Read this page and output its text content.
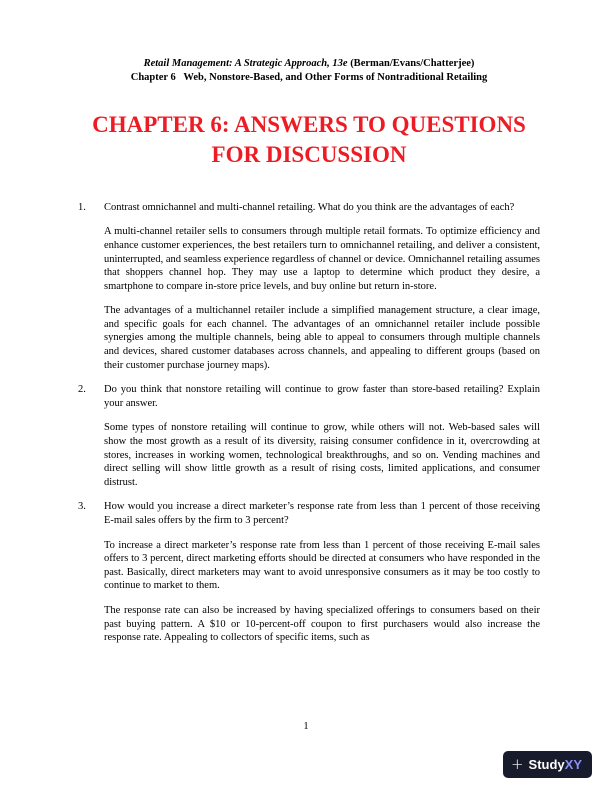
Retail Management: A Strategic Approach, 13e (Berman/Evans/Chatterjee)
Chapter 6   Web, Nonstore-Based, and Other Forms of Nontraditional Retailing
CHAPTER 6: ANSWERS TO QUESTIONS FOR DISCUSSION
1.	Contrast omnichannel and multi-channel retailing. What do you think are the advantages of each?
A multi-channel retailer sells to consumers through multiple retail formats. To optimize efficiency and enhance customer experiences, the best retailers turn to omnichannel retailing, and deliver a consistent, uninterrupted, and seamless experience regardless of channel or device. Omnichannel retailing assumes that shoppers channel hop. They may use a laptop to determine which product they desire, a smartphone to compare in-store price levels, and buy online but return in-store.
The advantages of a multichannel retailer include a simplified management structure, a clear image, and specific goals for each channel. The advantages of an omnichannel retailer include possible synergies among the multiple channels, being able to appeal to consumers through multiple channels and devices, shared customer databases across channels, and appealing to different groups (based on their customer purchase journey maps).
2.	Do you think that nonstore retailing will continue to grow faster than store-based retailing? Explain your answer.
Some types of nonstore retailing will continue to grow, while others will not. Web-based sales will show the most growth as a result of its diversity, raising consumer confidence in it, overcrowding at stores, increases in working women, technological breakthroughs, and so on. Vending machines and direct selling will show little growth as a result of rising costs, limited applications, and consumer distrust.
3.	How would you increase a direct marketer’s response rate from less than 1 percent of those receiving E-mail sales offers by the firm to 3 percent?
To increase a direct marketer’s response rate from less than 1 percent of those receiving E-mail sales offers to 3 percent, direct marketing efforts should be directed at consumers who have responded in the past. Basically, direct marketers may want to avoid unresponsive consumers as it may be too costly to continue to market to them.
The response rate can also be increased by having specialized offerings to consumers based on their past buying pattern. A $10 or 10-percent-off coupon to first purchasers would also increase the response rate. Appealing to collectors of specific items, such as
1
+ Study XY
